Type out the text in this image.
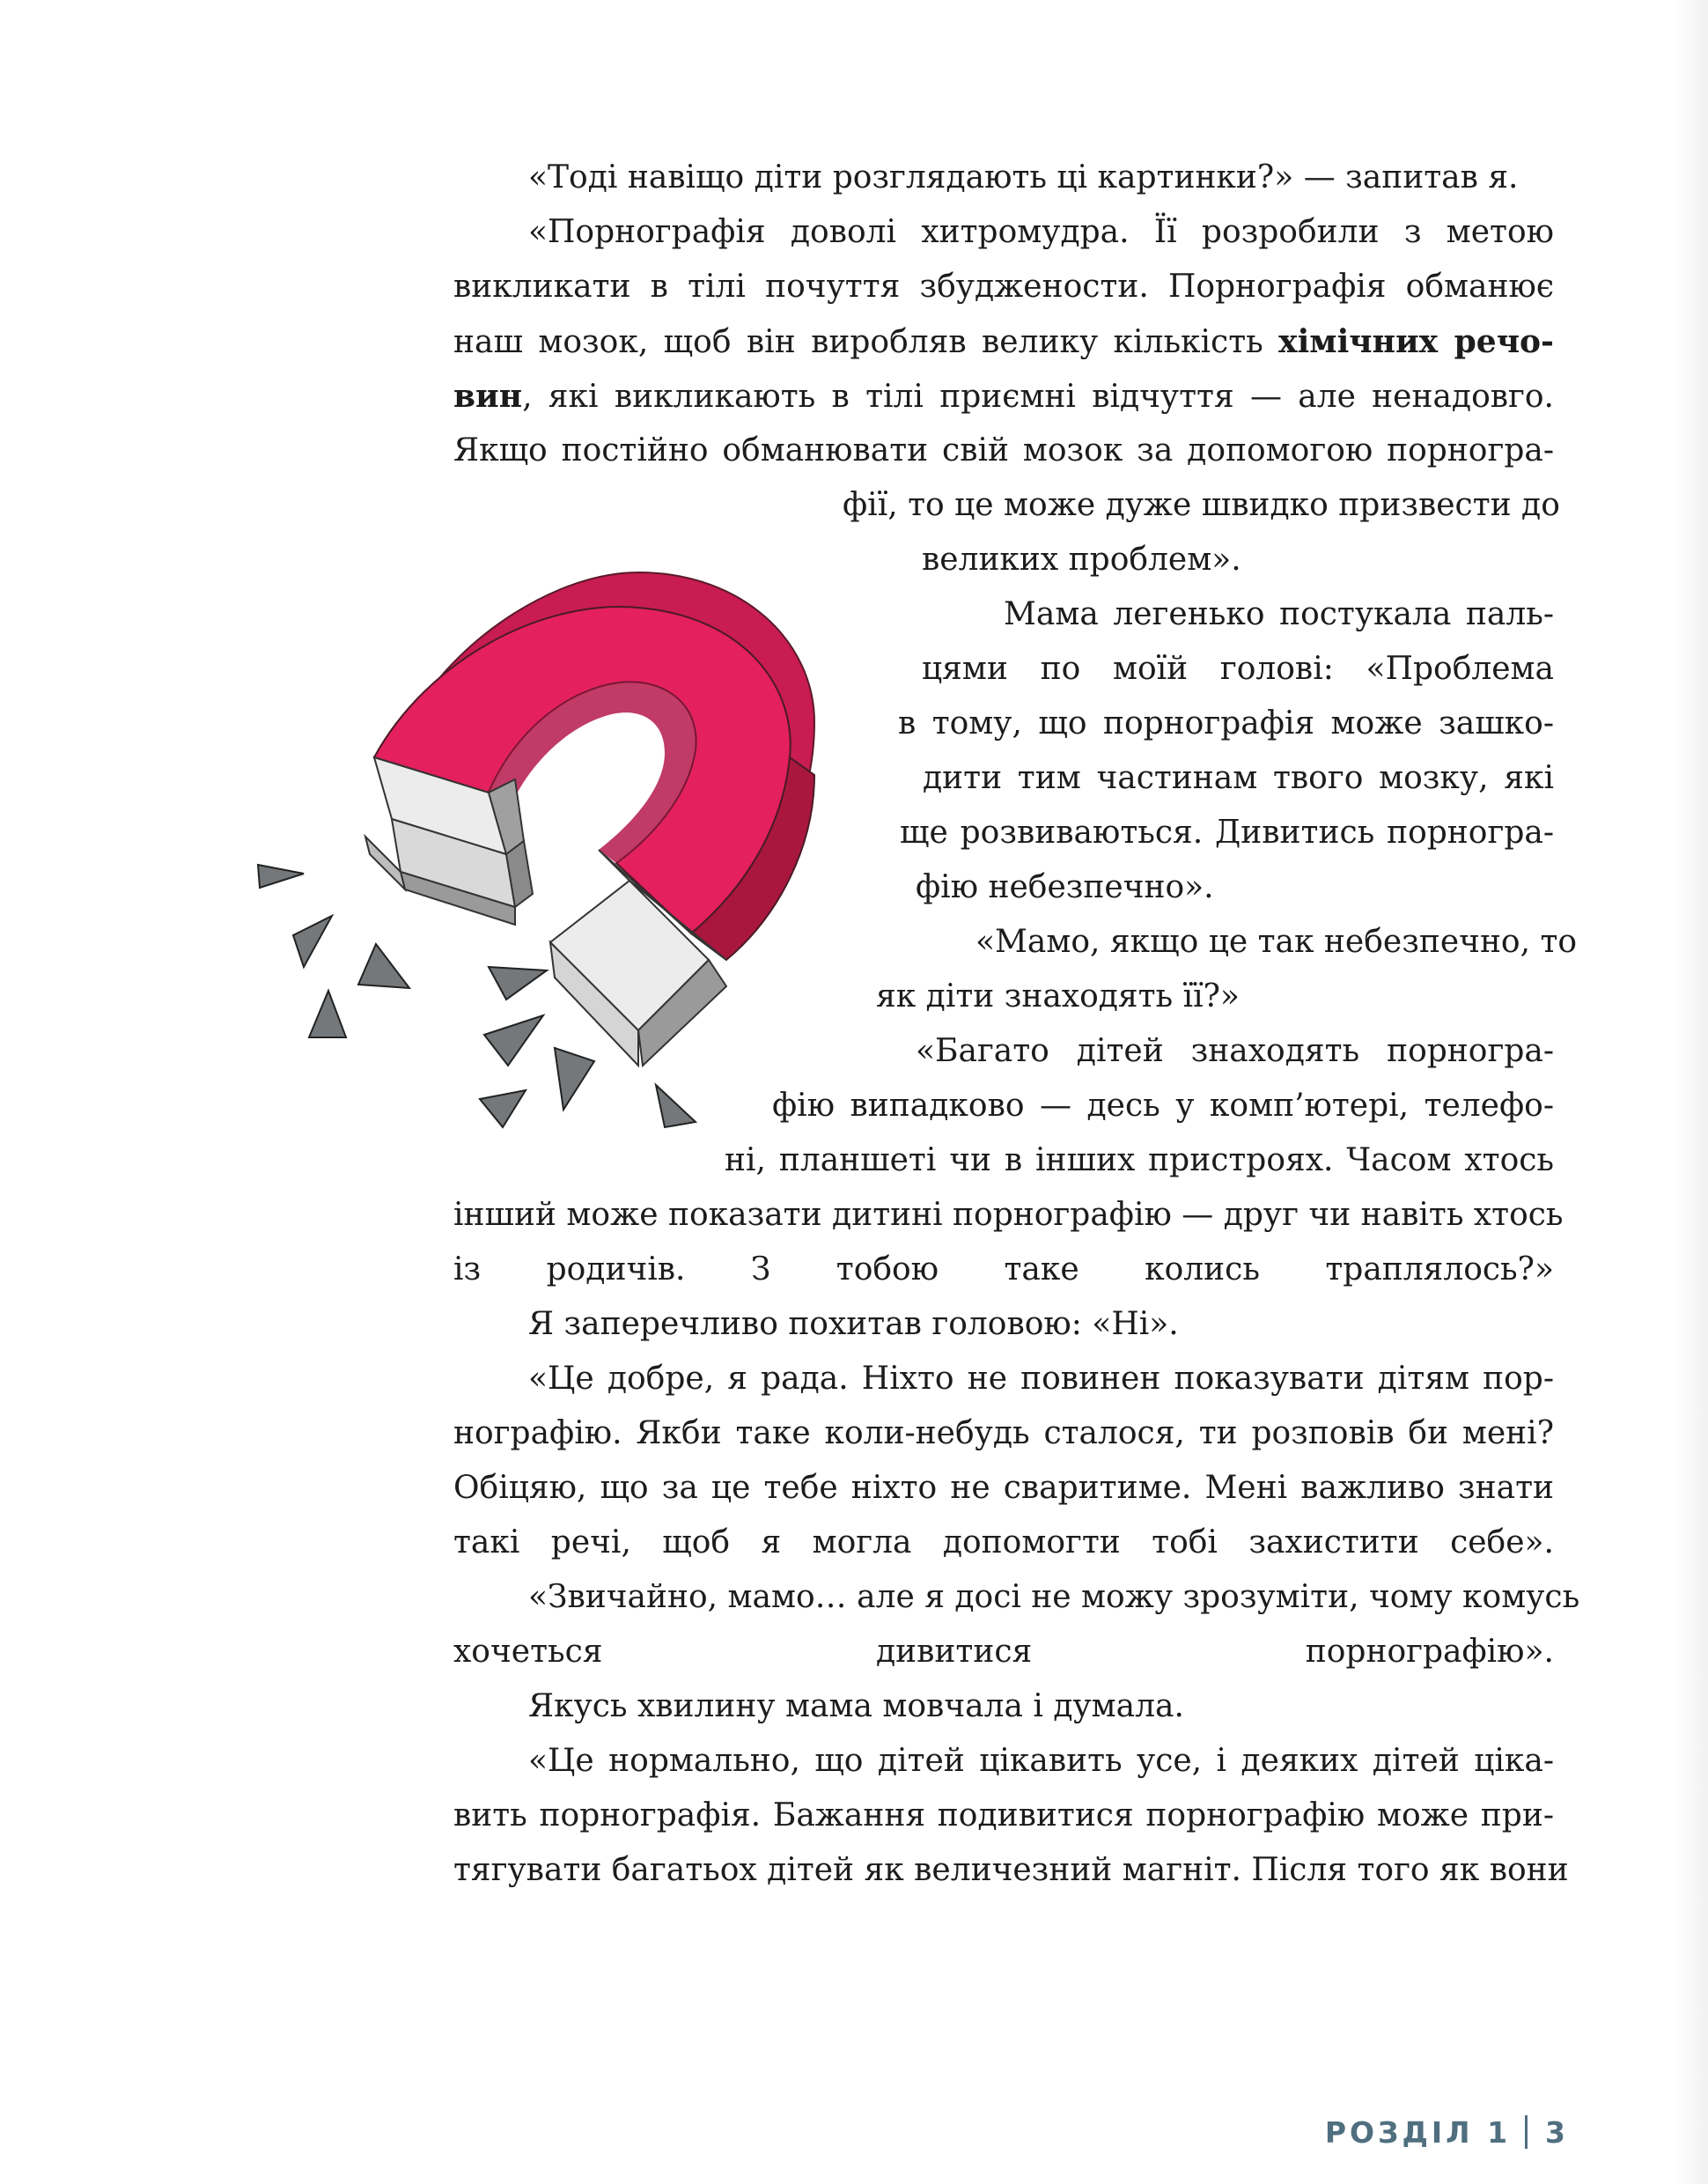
«Тоді навіщо діти розглядають ці картинки?» — запитав я.

«Порнографія доволі хитромудра. Її розробили з метою

викликати в тілі почуття збуджености. Порнографія обманює

наш мозок, щоб він виробляв велику кількість хімічних речо-

вин, які викликають в тілі приємні відчуття — але ненадовго.

Якщо постійно обманювати свій мозок за допомогою порногра-

фії, то це може дуже швидко призвести до

великих проблем».

Мама легенько постукала паль-

цями по моїй голові: «Проблема

в тому, що порнографія може зашко-

дити тим частинам твого мозку, які

ще розвиваються. Дивитись порногра-

фію небезпечно».

«Мамо, якщо це так небезпечно, то

як діти знаходять її?»

«Багато дітей знаходять порногра-

фію випадково — десь у комп’ютері, телефо-

ні, планшеті чи в інших пристроях. Часом хтось

інший може показати дитині порнографію — друг чи навіть хтось

із родичів. З тобою таке колись траплялось?»

Я заперечливо похитав головою: «Ні».

«Це добре, я рада. Ніхто не повинен показувати дітям пор-

нографію. Якби таке коли-небудь сталося, ти розповів би мені?

Обіцяю, що за це тебе ніхто не сваритиме. Мені важливо знати

такі речі, щоб я могла допомогти тобі захистити себе».

«Звичайно, мамо… але я досі не можу зрозуміти, чому комусь

хочеться дивитися порнографію».

Якусь хвилину мама мовчала і думала.

«Це нормально, що дітей цікавить усе, і деяких дітей ціка-

вить порнографія. Бажання подивитися порнографію може при-

тягувати багатьох дітей як величезний магніт. Після того як вони

РОЗДІЛ 1 3
